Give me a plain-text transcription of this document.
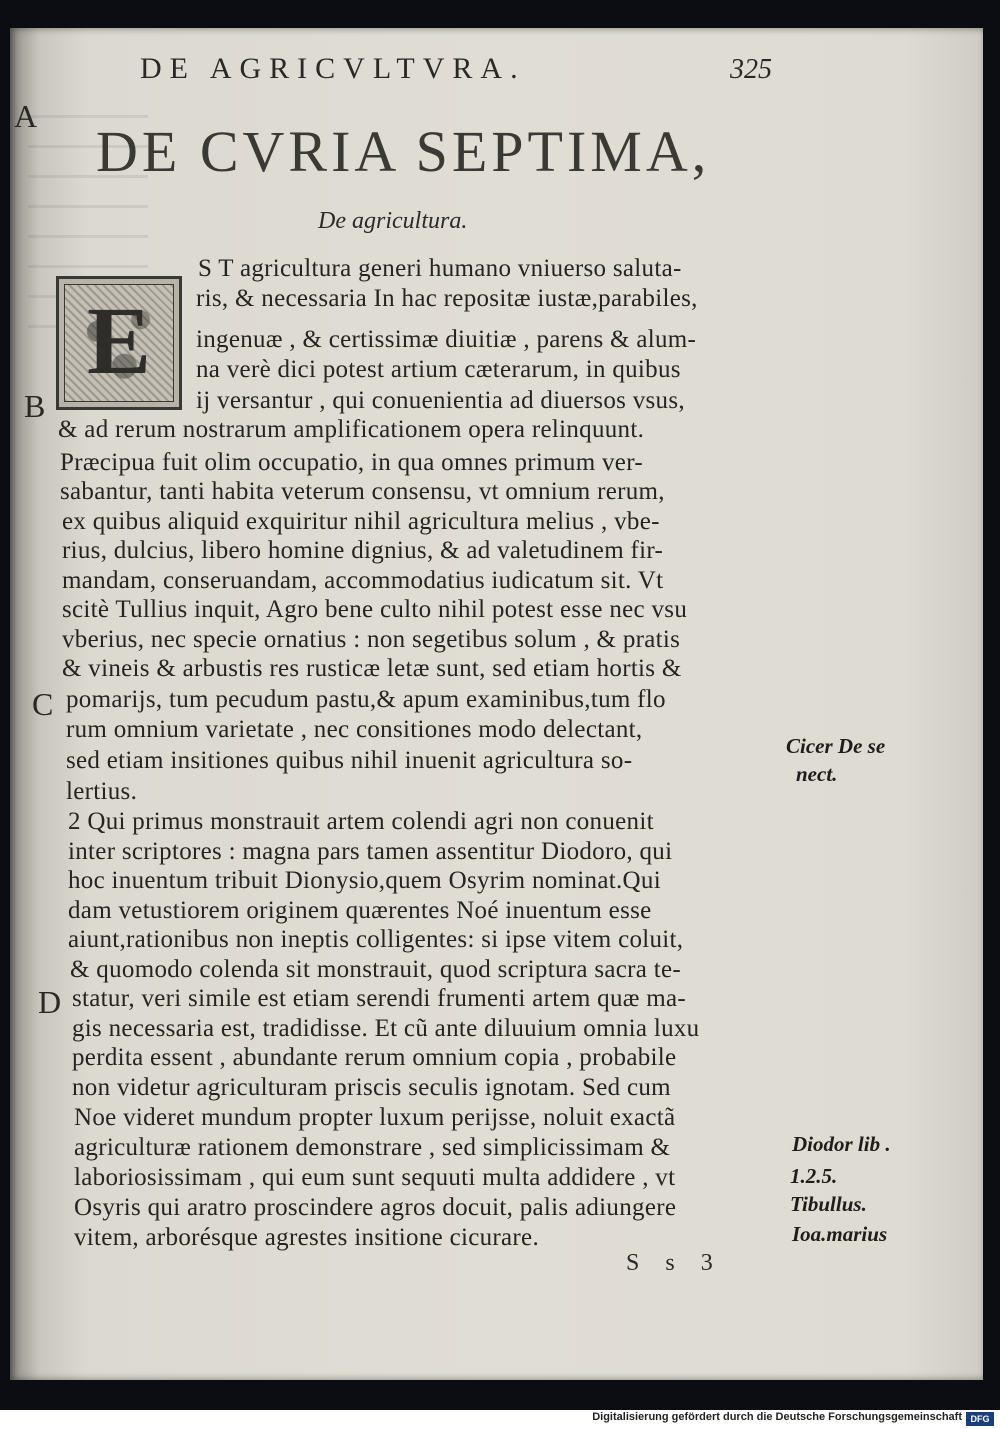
DE AGRICVLTVRA.	325
A
B
C
D
DE CVRIA SEPTIMA,
De agricultura.
E
S T agricultura generi humano vniuerso saluta-
ris, & necessaria In hac repositæ iustæ,parabiles,
ingenuæ , & certissimæ diuitiæ , parens & alum-
na verè dici potest artium cæterarum, in quibus
ij versantur , qui conuenientia ad diuersos vsus,
& ad rerum nostrarum amplificationem opera relinquunt.
Præcipua fuit olim occupatio, in qua omnes primum ver-
sabantur, tanti habita veterum consensu, vt omnium rerum,
ex quibus aliquid exquiritur nihil agricultura melius , vbe-
rius, dulcius, libero homine dignius, & ad valetudinem fir-
mandam, conseruandam, accommodatius iudicatum sit. Vt
scitè Tullius inquit, Agro bene culto nihil potest esse nec vsu
vberius, nec specie ornatius : non segetibus solum , & pratis
& vineis & arbustis res rusticæ letæ sunt, sed etiam hortis &
pomarijs, tum pecudum pastu,& apum examinibus,tum flo
rum omnium varietate , nec consitiones modo delectant,
sed etiam insitiones quibus nihil inuenit agricultura so-
lertius.
2 Qui primus monstrauit artem colendi agri non conuenit
inter scriptores : magna pars tamen assentitur Diodoro, qui
hoc inuentum tribuit Dionysio,quem Osyrim nominat.Qui
dam vetustiorem originem quærentes Noé inuentum esse
aiunt,rationibus non ineptis colligentes: si ipse vitem coluit,
& quomodo colenda sit monstrauit, quod scriptura sacra te-
statur, veri simile est etiam serendi frumenti artem quæ ma-
gis necessaria est, tradidisse. Et cũ ante diluuium omnia luxu
perdita essent , abundante rerum omnium copia , probabile
non videtur agriculturam priscis seculis ignotam. Sed cum
Noe videret mundum propter luxum perijsse, noluit exactã
agriculturæ rationem demonstrare , sed simplicissimam &
laboriosissimam , qui eum sunt sequuti multa addidere , vt
Osyris qui aratro proscindere agros docuit, palis adiungere
vitem, arborésque agrestes insitione cicurare.
Cicer De se
nect.
Diodor lib .
1.2.5.
Tibullus.
Ioa.marius
S s 3
Digitalisierung gefördert durch die Deutsche Forschungsgemeinschaft DFG
